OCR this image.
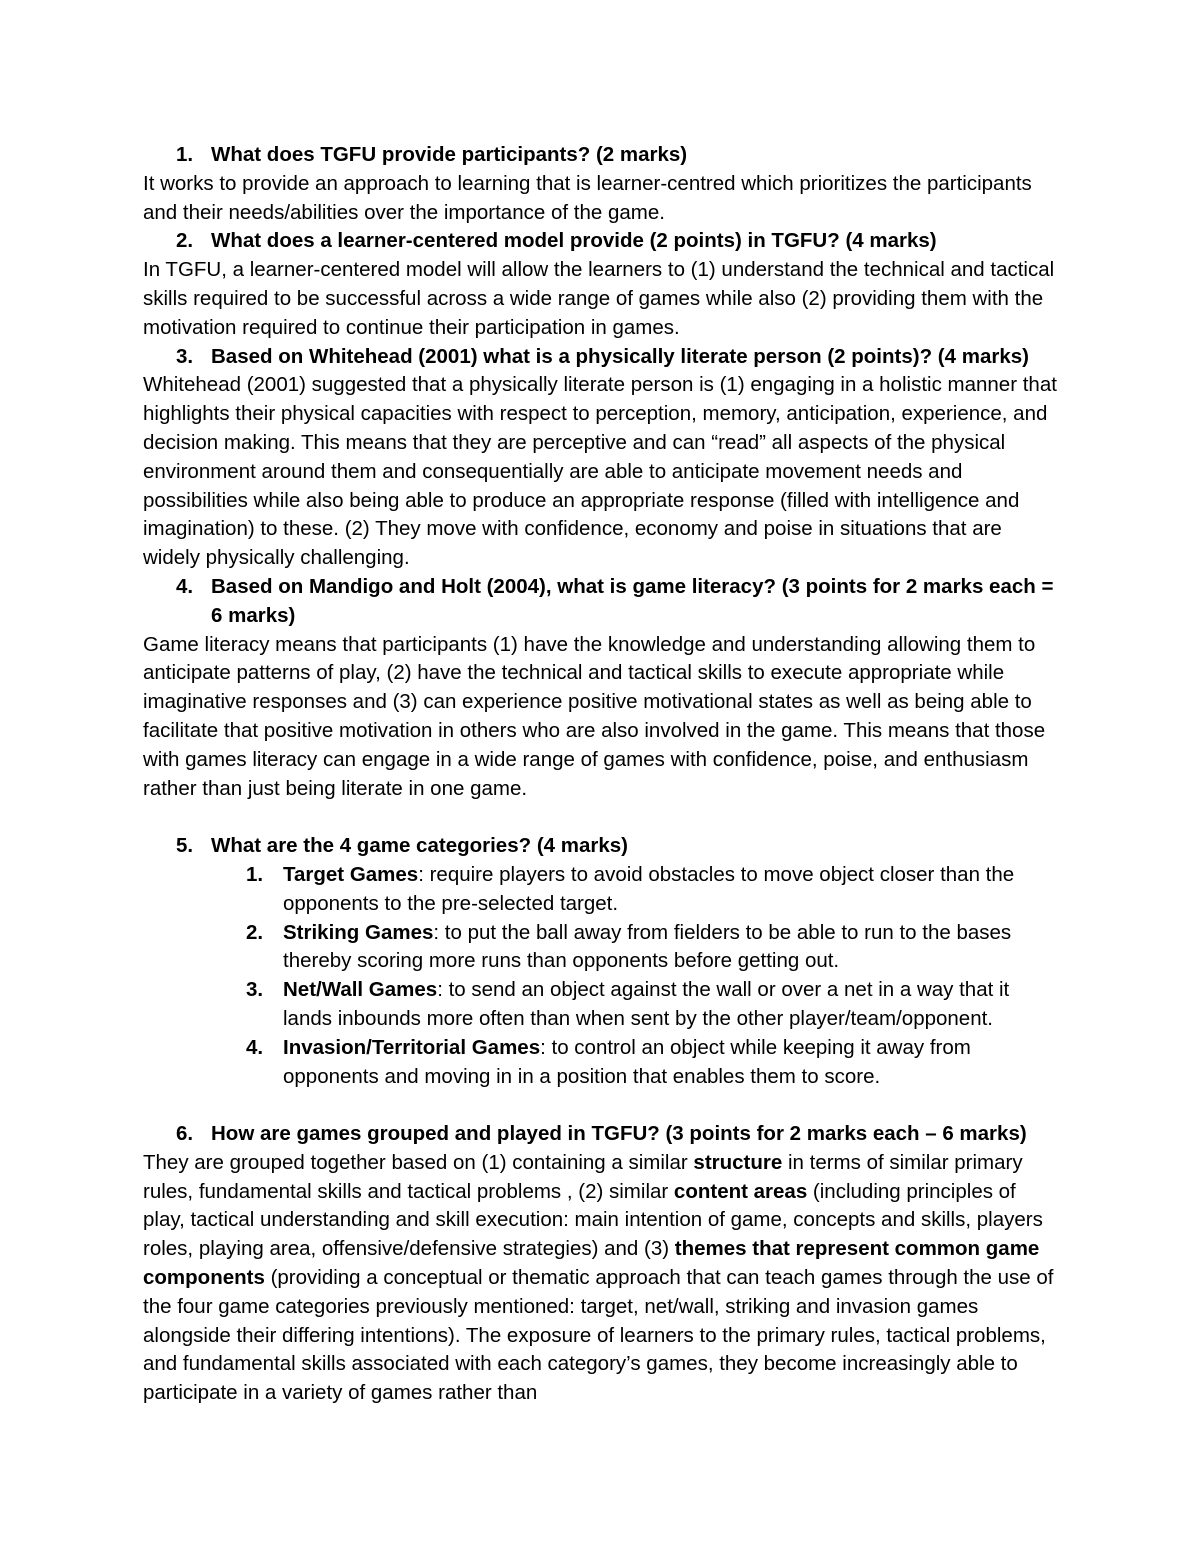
1. What does TGFU provide participants? (2 marks)

It works to provide an approach to learning that is learner-centred which prioritizes the participants and their needs/abilities over the importance of the game.

2. What does a learner-centered model provide (2 points) in TGFU? (4 marks)

In TGFU, a learner-centered model will allow the learners to (1) understand the technical and tactical skills required to be successful across a wide range of games while also (2) providing them with the motivation required to continue their participation in games.

3. Based on Whitehead (2001) what is a physically literate person (2 points)? (4 marks)

Whitehead (2001) suggested that a physically literate person is (1) engaging in a holistic manner that highlights their physical capacities with respect to perception, memory, anticipation, experience, and decision making. This means that they are perceptive and can “read” all aspects of the physical environment around them and consequentially are able to anticipate movement needs and possibilities while also being able to produce an appropriate response (filled with intelligence and imagination) to these. (2) They move with confidence, economy and poise in situations that are widely physically challenging.

4. Based on Mandigo and Holt (2004), what is game literacy? (3 points for 2 marks each = 6 marks)

Game literacy means that participants (1) have the knowledge and understanding allowing them to anticipate patterns of play, (2) have the technical and tactical skills to execute appropriate while imaginative responses and (3) can experience positive motivational states as well as being able to facilitate that positive motivation in others who are also involved in the game. This means that those with games literacy can engage in a wide range of games with confidence, poise, and enthusiasm rather than just being literate in one game.

5. What are the 4 game categories? (4 marks)
1. Target Games: require players to avoid obstacles to move object closer than the opponents to the pre-selected target.
2. Striking Games: to put the ball away from fielders to be able to run to the bases thereby scoring more runs than opponents before getting out.
3. Net/Wall Games: to send an object against the wall or over a net in a way that it lands inbounds more often than when sent by the other player/team/opponent.
4. Invasion/Territorial Games: to control an object while keeping it away from opponents and moving in in a position that enables them to score.
6. How are games grouped and played in TGFU? (3 points for 2 marks each – 6 marks)

They are grouped together based on (1) containing a similar structure in terms of similar primary rules, fundamental skills and tactical problems , (2) similar content areas (including principles of play, tactical understanding and skill execution: main intention of game, concepts and skills, players roles, playing area, offensive/defensive strategies) and (3) themes that represent common game components (providing a conceptual or thematic approach that can teach games through the use of the four game categories previously mentioned: target, net/wall, striking and invasion games alongside their differing intentions). The exposure of learners to the primary rules, tactical problems, and fundamental skills associated with each category’s games, they become increasingly able to participate in a variety of games rather than
